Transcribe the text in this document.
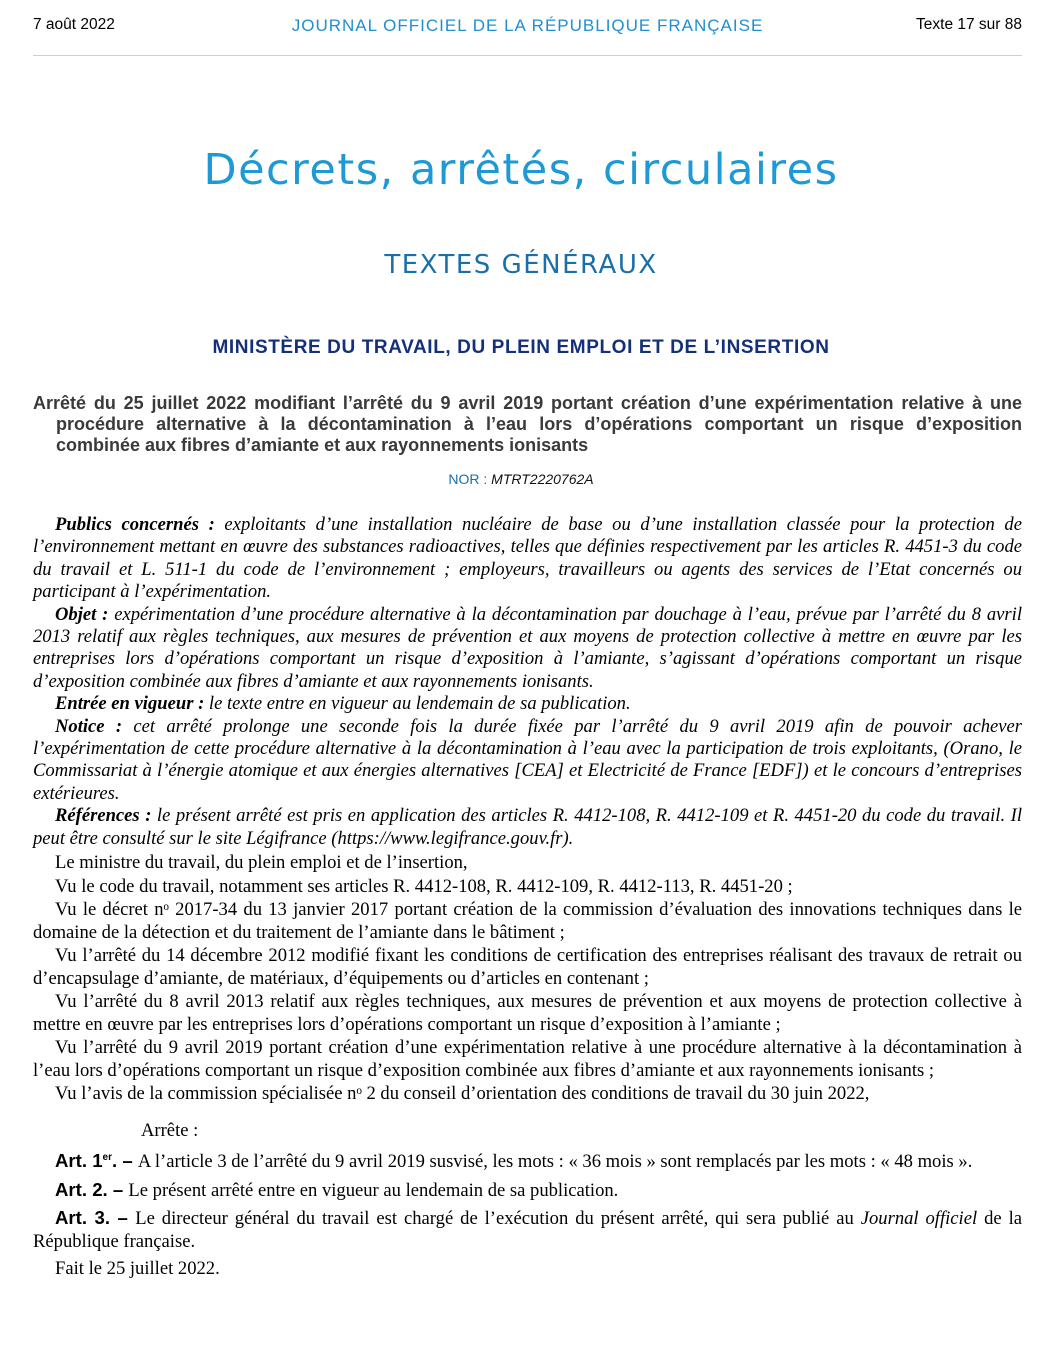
7 août 2022	JOURNAL OFFICIEL DE LA RÉPUBLIQUE FRANÇAISE	Texte 17 sur 88
Décrets, arrêtés, circulaires
TEXTES GÉNÉRAUX
MINISTÈRE DU TRAVAIL, DU PLEIN EMPLOI ET DE L’INSERTION
Arrêté du 25 juillet 2022 modifiant l’arrêté du 9 avril 2019 portant création d’une expérimentation relative à une procédure alternative à la décontamination à l’eau lors d’opérations comportant un risque d’exposition combinée aux fibres d’amiante et aux rayonnements ionisants
NOR : MTRT2220762A

Publics concernés : exploitants d’une installation nucléaire de base ou d’une installation classée pour la protection de l’environnement mettant en œuvre des substances radioactives, telles que définies respectivement par les articles R. 4451-3 du code du travail et L. 511-1 du code de l’environnement ; employeurs, travailleurs ou agents des services de l’Etat concernés ou participant à l’expérimentation.

Objet : expérimentation d’une procédure alternative à la décontamination par douchage à l’eau, prévue par l’arrêté du 8 avril 2013 relatif aux règles techniques, aux mesures de prévention et aux moyens de protection collective à mettre en œuvre par les entreprises lors d’opérations comportant un risque d’exposition à l’amiante, s’agissant d’opérations comportant un risque d’exposition combinée aux fibres d’amiante et aux rayonnements ionisants.

Entrée en vigueur : le texte entre en vigueur au lendemain de sa publication.

Notice : cet arrêté prolonge une seconde fois la durée fixée par l’arrêté du 9 avril 2019 afin de pouvoir achever l’expérimentation de cette procédure alternative à la décontamination à l’eau avec la participation de trois exploitants, (Orano, le Commissariat à l’énergie atomique et aux énergies alternatives [CEA] et Electricité de France [EDF]) et le concours d’entreprises extérieures.

Références : le présent arrêté est pris en application des articles R. 4412-108, R. 4412-109 et R. 4451-20 du code du travail. Il peut être consulté sur le site Légifrance (https://www.legifrance.gouv.fr).

Le ministre du travail, du plein emploi et de l’insertion,

Vu le code du travail, notamment ses articles R. 4412-108, R. 4412-109, R. 4412-113, R. 4451-20 ;

Vu le décret nᵒ 2017-34 du 13 janvier 2017 portant création de la commission d’évaluation des innovations techniques dans le domaine de la détection et du traitement de l’amiante dans le bâtiment ;

Vu l’arrêté du 14 décembre 2012 modifié fixant les conditions de certification des entreprises réalisant des travaux de retrait ou d’encapsulage d’amiante, de matériaux, d’équipements ou d’articles en contenant ;

Vu l’arrêté du 8 avril 2013 relatif aux règles techniques, aux mesures de prévention et aux moyens de protection collective à mettre en œuvre par les entreprises lors d’opérations comportant un risque d’exposition à l’amiante ;

Vu l’arrêté du 9 avril 2019 portant création d’une expérimentation relative à une procédure alternative à la décontamination à l’eau lors d’opérations comportant un risque d’exposition combinée aux fibres d’amiante et aux rayonnements ionisants ;

Vu l’avis de la commission spécialisée nᵒ 2 du conseil d’orientation des conditions de travail du 30 juin 2022,

Arrête :

Art. 1er. – A l’article 3 de l’arrêté du 9 avril 2019 susvisé, les mots : « 36 mois » sont remplacés par les mots : « 48 mois ».

Art. 2. – Le présent arrêté entre en vigueur au lendemain de sa publication.

Art. 3. – Le directeur général du travail est chargé de l’exécution du présent arrêté, qui sera publié au Journal officiel de la République française.

Fait le 25 juillet 2022.
